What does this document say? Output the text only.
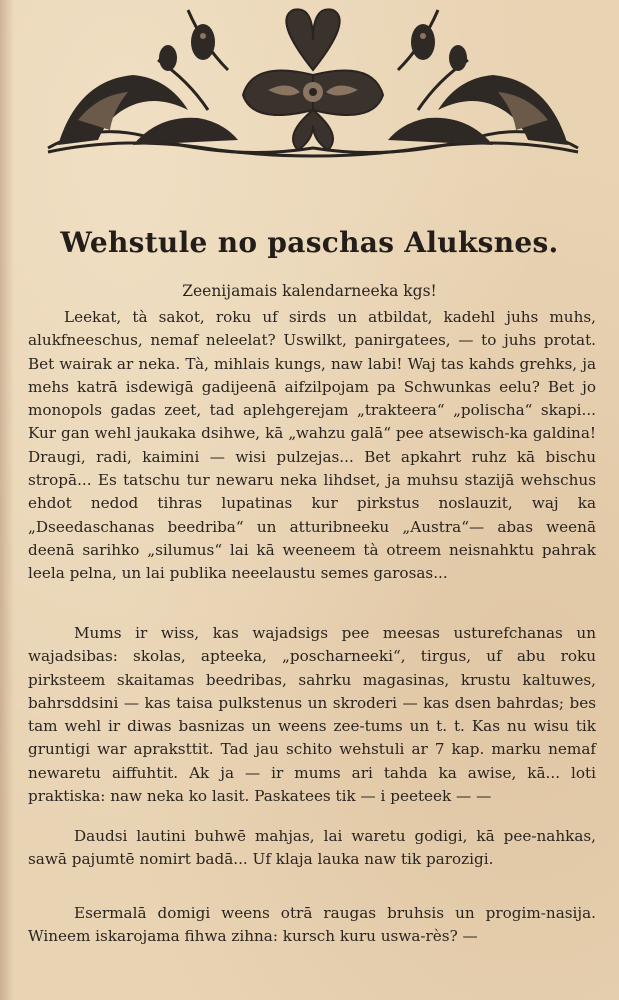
Wehstule no paschas Aluksnes.

Zeenijamais kalendarneeka kgs!

Leekat, tà sakot, roku uf sirds un atbildat, kadehl juhs muhs, alukfneeschus, nemaf neleelat? Uswilkt, panirgatees, — to juhs protat. Bet wairak ar neka. Tà, mihlais kungs, naw labi! Waj tas kahds grehks, ja mehs katrā isdewigā gadijeenā aifzilpojam pa Schwunkas eelu? Bet jo monopols gadas zeet, tad aplehgerejam „trakteera“ „polischa“ skapi... Kur gan wehl jaukaka dsihwe, kā „wahzu galā“ pee atsewisch-ka galdina! Draugi, radi, kaimini — wisi pulzejas... Bet apkahrt ruhz kā bischu stropā... Es tatschu tur newaru neka lihdset, ja muhsu stazijā wehschus ehdot nedod tihras lupatinas kur pirkstus noslauzit, waj ka „Dseedaschanas beedriba“ un atturibneeku „Austra“— abas weenā deenā sarihko „silumus“ lai kā weeneem tà otreem neisnahktu pahrak leela pelna, un lai publika neeelaustu semes garosas...

Mums ir wiss, kas wajadsigs pee meesas usturefchanas un wajadsibas: skolas, apteeka, „poscharneeki“, tirgus, uf abu roku pirksteem skaitamas beedribas, sahrku magasinas, krustu kaltuwes, bahrsddsini — kas taisa pulkstenus un skroderi — kas dsen bahrdas; bes tam wehl ir diwas basnizas un weens zee-tums un t. t. Kas nu wisu tik gruntigi war apraksttit. Tad jau schito wehstuli ar 7 kap. marku nemaf newaretu aiffuhtit. Ak ja — ir mums ari tahda ka awise, kā... loti praktiska: naw neka ko lasit. Paskatees tik — i peeteek — —

Daudsi lautini buhwē mahjas, lai waretu godigi, kā pee-nahkas, sawā pajumtē nomirt badā... Uf klaja lauka naw tik parozigi.

Esermalā domigi weens otrā raugas bruhsis un progim-nasija. Wineem iskarojama fihwa zihna: kursch kuru uswa-rès? —
